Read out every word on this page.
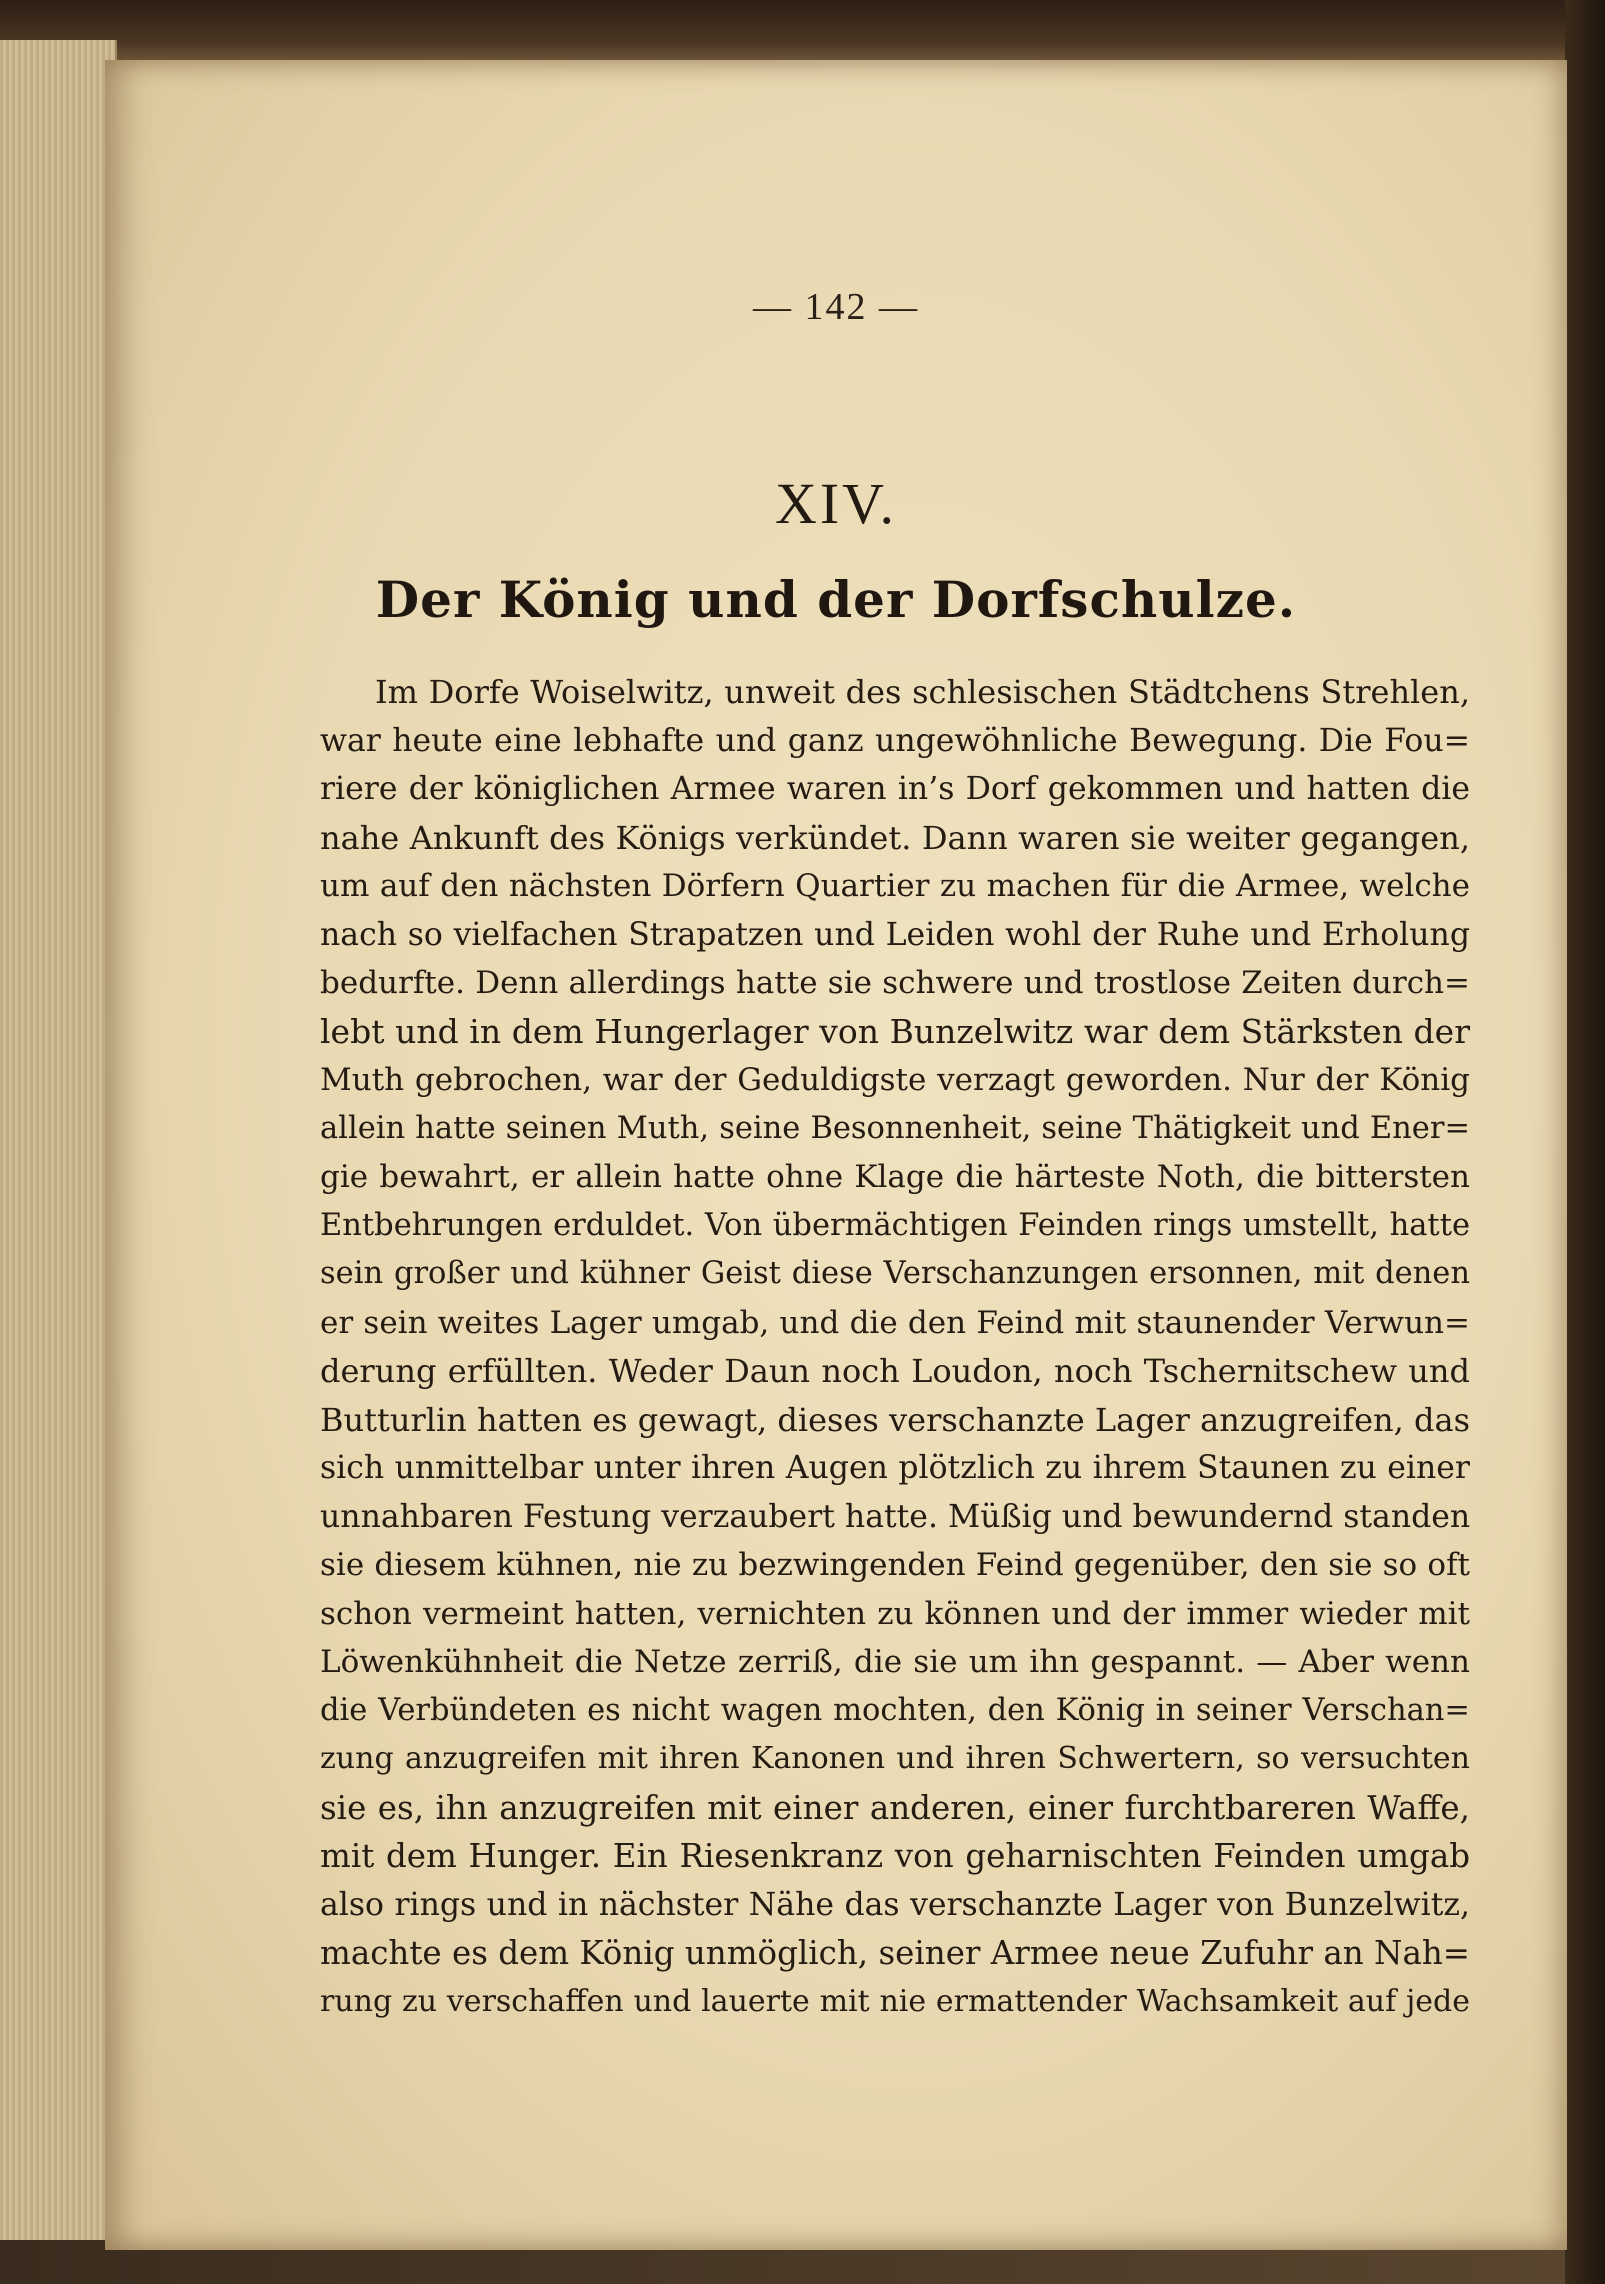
— 142 —
XIV.
Der König und der Dorfschulze.
Im Dorfe Woiselwitz, unweit des schlesischen Städtchens Strehlen,
war heute eine lebhafte und ganz ungewöhnliche Bewegung. Die Fou=
riere der königlichen Armee waren in’s Dorf gekommen und hatten die
nahe Ankunft des Königs verkündet. Dann waren sie weiter gegangen,
um auf den nächsten Dörfern Quartier zu machen für die Armee, welche
nach so vielfachen Strapatzen und Leiden wohl der Ruhe und Erholung
bedurfte. Denn allerdings hatte sie schwere und trostlose Zeiten durch=
lebt und in dem Hungerlager von Bunzelwitz war dem Stärksten der
Muth gebrochen, war der Geduldigste verzagt geworden. Nur der König
allein hatte seinen Muth, seine Besonnenheit, seine Thätigkeit und Ener=
gie bewahrt, er allein hatte ohne Klage die härteste Noth, die bittersten
Entbehrungen erduldet. Von übermächtigen Feinden rings umstellt, hatte
sein großer und kühner Geist diese Verschanzungen ersonnen, mit denen
er sein weites Lager umgab, und die den Feind mit staunender Verwun=
derung erfüllten. Weder Daun noch Loudon, noch Tschernitschew und
Butturlin hatten es gewagt, dieses verschanzte Lager anzugreifen, das
sich unmittelbar unter ihren Augen plötzlich zu ihrem Staunen zu einer
unnahbaren Festung verzaubert hatte. Müßig und bewundernd standen
sie diesem kühnen, nie zu bezwingenden Feind gegenüber, den sie so oft
schon vermeint hatten, vernichten zu können und der immer wieder mit
Löwenkühnheit die Netze zerriß, die sie um ihn gespannt. — Aber wenn
die Verbündeten es nicht wagen mochten, den König in seiner Verschan=
zung anzugreifen mit ihren Kanonen und ihren Schwertern, so versuchten
sie es, ihn anzugreifen mit einer anderen, einer furchtbareren Waffe,
mit dem Hunger. Ein Riesenkranz von geharnischten Feinden umgab
also rings und in nächster Nähe das verschanzte Lager von Bunzelwitz,
machte es dem König unmöglich, seiner Armee neue Zufuhr an Nah=
rung zu verschaffen und lauerte mit nie ermattender Wachsamkeit auf jede
